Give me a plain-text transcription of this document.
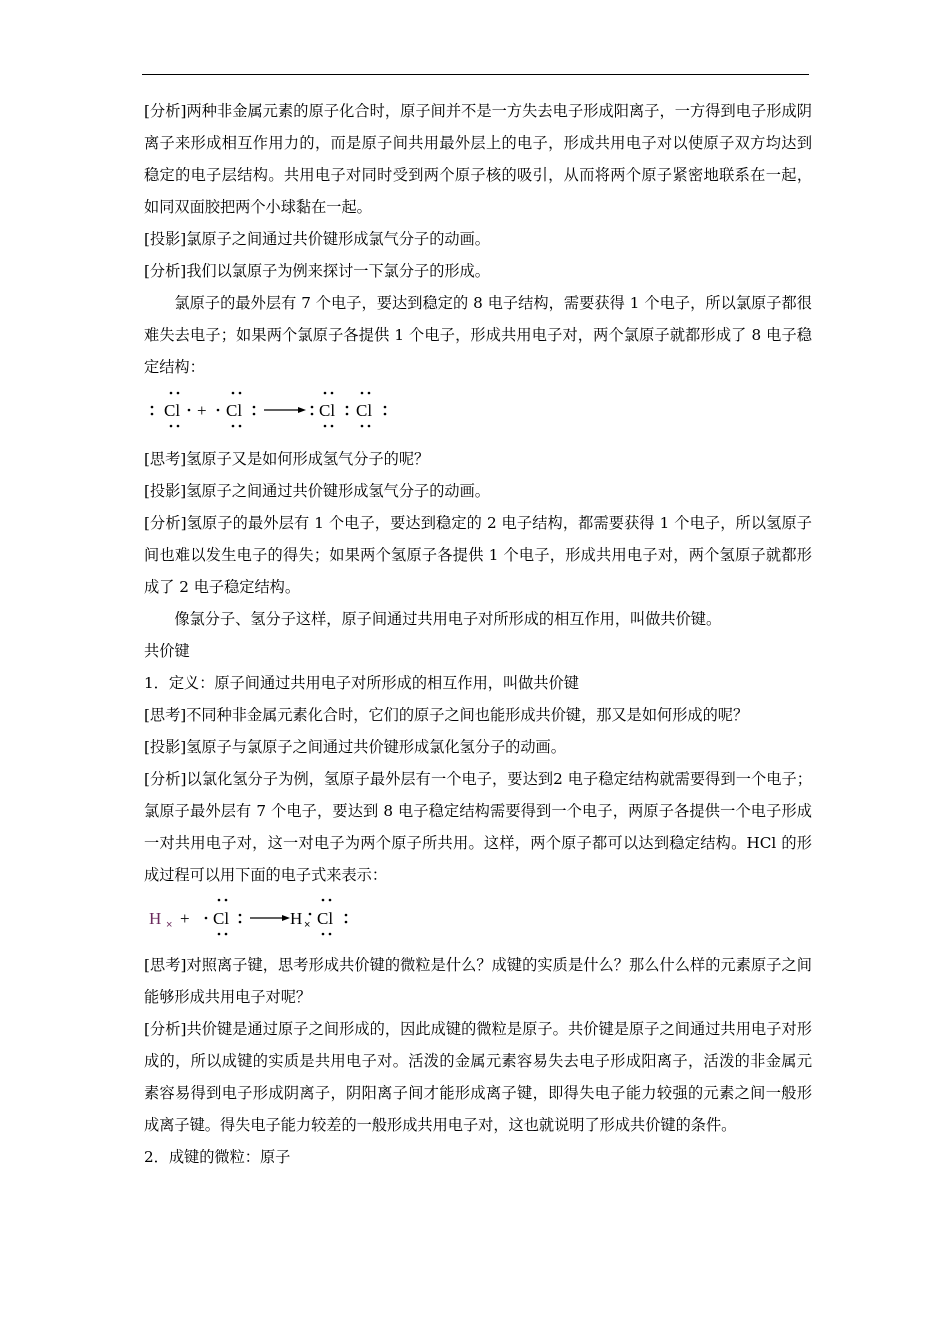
[分析]两种非金属元素的原子化合时，原子间并不是一方失去电子形成阳离子，一方得到电子形成阴离子来形成相互作用力的，而是原子间共用最外层上的电子，形成共用电子对以使原子双方均达到稳定的电子层结构。共用电子对同时受到两个原子核的吸引，从而将两个原子紧密地联系在一起，如同双面胶把两个小球黏在一起。

[投影]氯原子之间通过共价键形成氯气分子的动画。

[分析]我们以氯原子为例来探讨一下氯分子的形成。

氯原子的最外层有 7 个电子，要达到稳定的 8 电子结构，需要获得 1 个电子，所以氯原子都很难失去电子；如果两个氯原子各提供 1 个电子，形成共用电子对，两个氯原子就都形成了 8 电子稳定结构：

Cl + Cl	Cl Cl

[思考]氢原子又是如何形成氢气分子的呢？

[投影]氢原子之间通过共价键形成氢气分子的动画。

[分析]氢原子的最外层有 1 个电子，要达到稳定的 2 电子结构，都需要获得 1 个电子，所以氢原子间也难以发生电子的得失；如果两个氢原子各提供 1 个电子，形成共用电子对，两个氢原子就都形成了 2 电子稳定结构。

像氯分子、氢分子这样，原子间通过共用电子对所形成的相互作用，叫做共价键。

共价键

1．定义：原子间通过共用电子对所形成的相互作用，叫做共价键

[思考]不同种非金属元素化合时，它们的原子之间也能形成共价键，那又是如何形成的呢？

[投影]氢原子与氯原子之间通过共价键形成氯化氢分子的动画。

[分析]以氯化氢分子为例，氢原子最外层有一个电子，要达到2 电子稳定结构就需要得到一个电子；氯原子最外层有 7 个电子，要达到 8 电子稳定结构需要得到一个电子，两原子各提供一个电子形成一对共用电子对，这一对电子为两个原子所共用。这样，两个原子都可以达到稳定结构。HCl 的形成过程可以用下面的电子式来表示：

H × + Cl	H × Cl

[思考]对照离子键，思考形成共价键的微粒是什么？成键的实质是什么？那么什么样的元素原子之间能够形成共用电子对呢？

[分析]共价键是通过原子之间形成的，因此成键的微粒是原子。共价键是原子之间通过共用电子对形成的，所以成键的实质是共用电子对。活泼的金属元素容易失去电子形成阳离子，活泼的非金属元素容易得到电子形成阴离子，阴阳离子间才能形成离子键，即得失电子能力较强的元素之间一般形成离子键。得失电子能力较差的一般形成共用电子对，这也就说明了形成共价键的条件。

2．成键的微粒：原子
